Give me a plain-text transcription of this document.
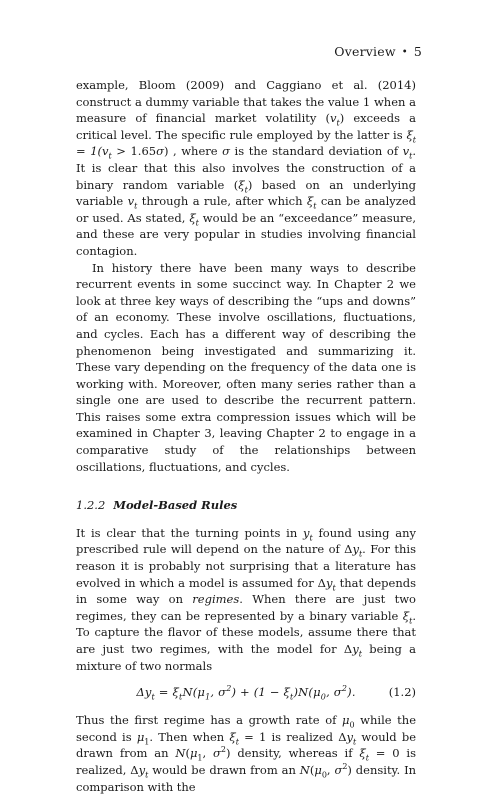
Overview • 5

example, Bloom (2009) and Caggiano et al. (2014) construct a dummy variable that takes the value 1 when a measure of financial market volatility $(v_t)$ exceeds a critical level. The specific rule employed by the latter is $\xi_t = 1(v_t > 1.65\sigma)$ , where σ is the standard deviation of $v_t$. It is clear that this also involves the construction of a binary random variable $(\xi_t)$ based on an underlying variable $v_t$ through a rule, after which $\xi_t$ can be analyzed or used. As stated, $\xi_t$ would be an “exceedance” measure, and these are very popular in studies involving financial contagion.

In history there have been many ways to describe recurrent events in some succinct way. In Chapter 2 we look at three key ways of describing the “ups and downs” of an economy. These involve oscillations, fluctuations, and cycles. Each has a different way of describing the phenomenon being investigated and summarizing it. These vary depending on the frequency of the data one is working with. Moreover, often many series rather than a single one are used to describe the recurrent pattern. This raises some extra compression issues which will be examined in Chapter 3, leaving Chapter 2 to engage in a comparative study of the relationships between oscillations, fluctuations, and cycles.

1.2.2 Model-Based Rules

It is clear that the turning points in $y_t$ found using any prescribed rule will depend on the nature of $\Delta y_t$. For this reason it is probably not surprising that a literature has evolved in which a model is assumed for $\Delta y_t$ that depends in some way on regimes. When there are just two regimes, they can be represented by a binary variable $\xi_t$. To capture the flavor of these models, assume there that are just two regimes, with the model for $\Delta y_t$ being a mixture of two normals

$\Delta y_t = \xi_tN(\mu_1$, $\sigma^2) + (1 - \xi_t)N(\mu_0$, $\sigma^2$).	(1.2)

Thus the first regime has a growth rate of $\mu_0$ while the second is $\mu_1$. Then when $\xi_t = 1$ is realized $\Delta y_t$ would be drawn from an $N(\mu_1$, $\sigma^2$) density, whereas if $\xi_t = 0$ is realized, $\Delta y_t$ would be drawn from an $N(\mu_0$, $\sigma^2$) density. In comparison with the
